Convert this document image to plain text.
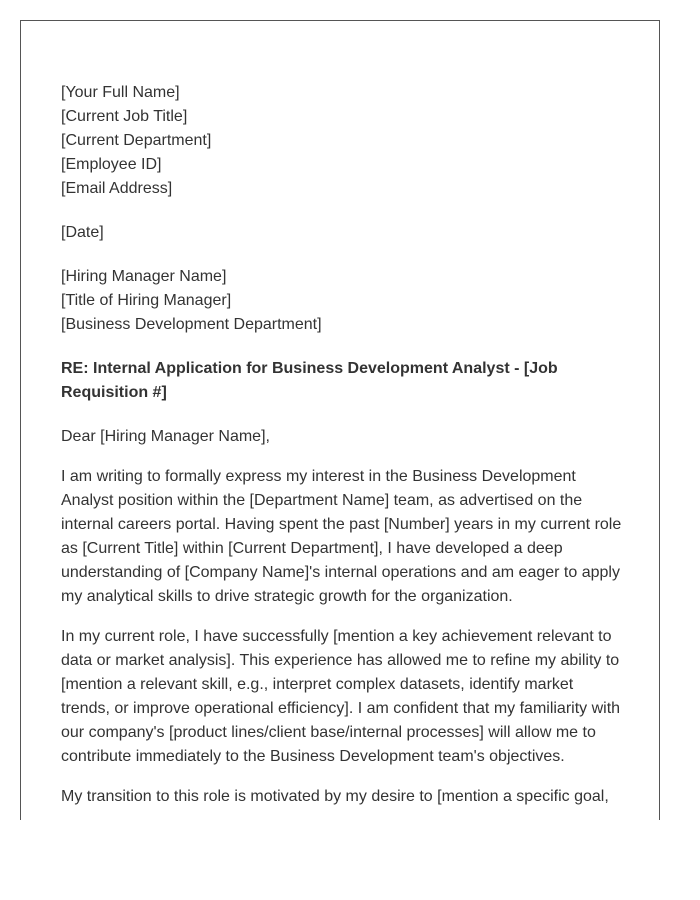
[Your Full Name]
[Current Job Title]
[Current Department]
[Employee ID]
[Email Address]
[Date]
[Hiring Manager Name]
[Title of Hiring Manager]
[Business Development Department]
RE: Internal Application for Business Development Analyst - [Job Requisition #]

Dear [Hiring Manager Name],

I am writing to formally express my interest in the Business Development Analyst position within the [Department Name] team, as advertised on the internal careers portal. Having spent the past [Number] years in my current role as [Current Title] within [Current Department], I have developed a deep understanding of [Company Name]'s internal operations and am eager to apply my analytical skills to drive strategic growth for the organization.

In my current role, I have successfully [mention a key achievement relevant to data or market analysis]. This experience has allowed me to refine my ability to [mention a relevant skill, e.g., interpret complex datasets, identify market trends, or improve operational efficiency]. I am confident that my familiarity with our company's [product lines/client base/internal processes] will allow me to contribute immediately to the Business Development team's objectives.

My transition to this role is motivated by my desire to [mention a specific goal,
